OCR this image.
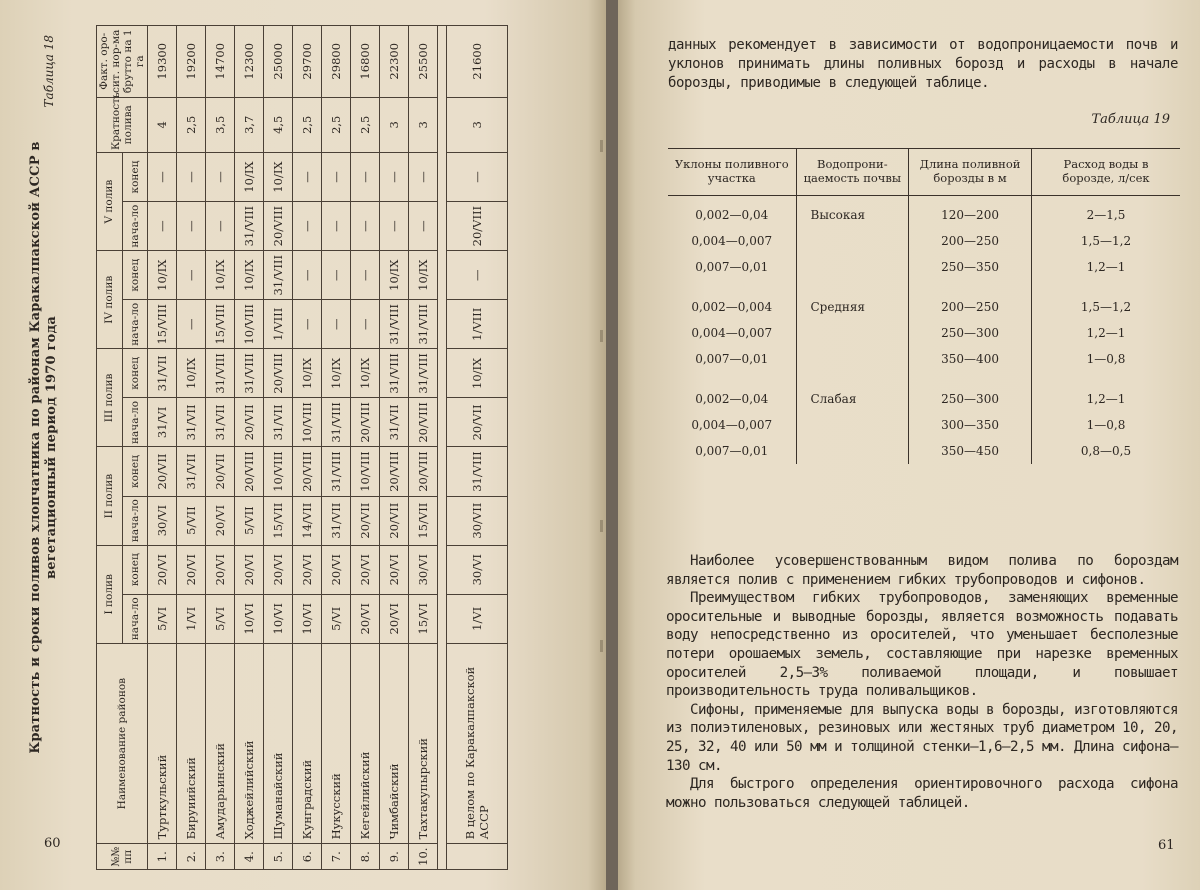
Таблица 18
Кратность и сроки поливов хлопчатника по районам Каракалпакской АССР в вегетационный период 1970 года
№№ пп	Наименование районов	I полив		II полив		III полив		IV полив		V полив		Кратность полива	Факт. оро-сит. нор-ма брутто на 1 га
		нача-ло	конец	нача-ло	конец	нача-ло	конец	нача-ло	конец	нача-ло	конец		
1.	Турткульский	5/VI	20/VI	30/VI	20/VII	31/VI	31/VII	15/VIII	10/IX	—	—	4	19300
2.	Бируиийский	1/VI	20/VI	5/VII	31/VII	31/VII	10/IX	—	—	—	—	2,5	19200
3.	Амударьинский	5/VI	20/VI	20/VI	20/VII	31/VII	31/VIII	15/VIII	10/IX	—	—	3,5	14700
4.	Ходжейлийский	10/VI	20/VI	5/VII	20/VIII	20/VII	31/VIII	10/VIII	10/IX	31/VIII	10/IX	3,7	12300
5.	Шуманайский	10/VI	20/VI	15/VII	10/VIII	31/VII	20/VIII	1/VIII	31/VIII	20/VIII	10/IX	4,5	25000
6.	Кунградский	10/VI	20/VI	14/VII	20/VIII	10/VIII	10/IX	—	—	—	—	2,5	29700
7.	Нукусский	5/VI	20/VI	31/VII	31/VIII	31/VIII	10/IX	—	—	—	—	2,5	29800
8.	Кегейлийский	20/VI	20/VI	20/VII	10/VIII	20/VIII	10/IX	—	—	—	—	2,5	16800
9.	Чимбайский	20/VI	20/VI	20/VII	20/VIII	31/VII	31/VIII	31/VIII	10/IX	—	—	3	22300
10.	Тахтакупырский	15/VI	30/VI	15/VII	20/VIII	20/VIII	31/VIII	31/VIII	10/IX	—	—	3	25500

	В целом по Каракалпакской АССР	1/VI	30/VI	30/VII	31/VIII	20/VII	10/IX	1/VIII	—	20/VIII	—	3	21600
60
данных рекомендует в зависимости от водопроницаемости почв и уклонов принимать длины поливных борозд и расходы в начале борозды, приводимые в следующей таблице.
Таблица 19
Уклоны поливного участка	Водопрони-цаемость почвы	Длина поливной борозды в м	Расход воды в борозде, л/сек
0,002—0,04	Высокая	120—200	2—1,5
0,004—0,007		200—250	1,5—1,2
0,007—0,01		250—350	1,2—1

0,002—0,004	Средняя	200—250	1,5—1,2
0,004—0,007		250—300	1,2—1
0,007—0,01		350—400	1—0,8

0,002—0,04	Слабая	250—300	1,2—1
0,004—0,007		300—350	1—0,8
0,007—0,01		350—450	0,8—0,5

Наиболее усовершенствованным видом полива по бороздам является полив с применением гибких трубопроводов и сифонов.

Преимуществом гибких трубопроводов, заменяющих временные оросительные и выводные борозды, является возможность подавать воду непосредственно из оросителей, что уменьшает бесполезные потери орошаемых земель, составляющие при нарезке временных оросителей 2,5—3% поливаемой площади, и повышает производительность труда поливальщиков.

Сифоны, применяемые для выпуска воды в борозды, изготовляются из полиэтиленовых, резиновых или жестяных труб диаметром 10, 20, 25, 32, 40 или 50 мм и толщиной стенки—1,6—2,5 мм. Длина сифона—130 см.

Для быстрого определения ориентировочного расхода сифона можно пользоваться следующей таблицей.

61
